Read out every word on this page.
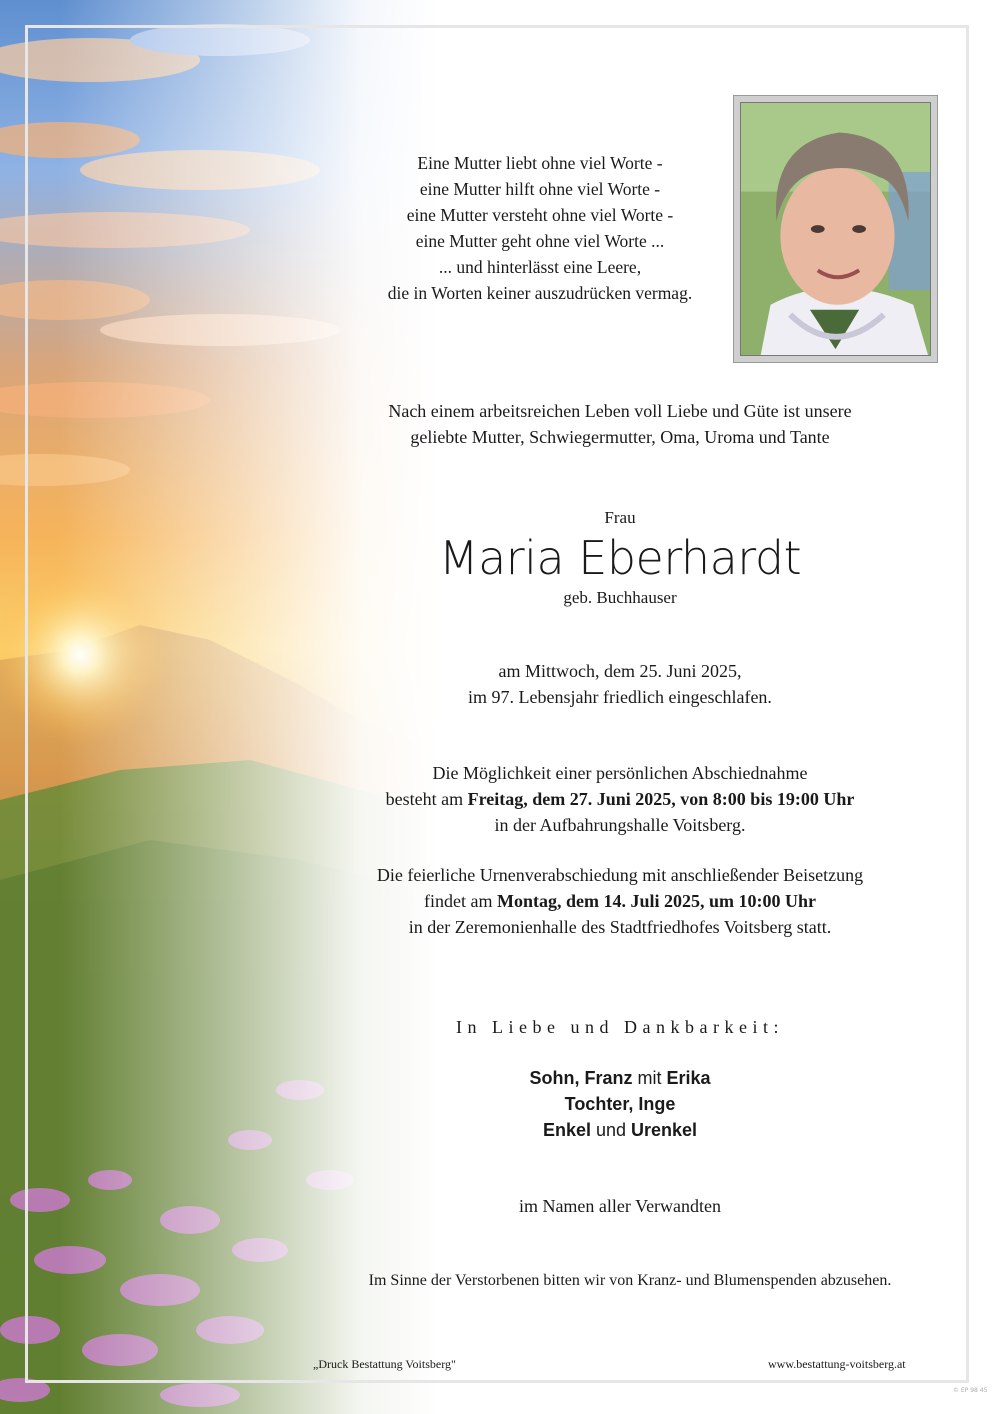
Eine Mutter liebt ohne viel Worte -
eine Mutter hilft ohne viel Worte -
eine Mutter versteht ohne viel Worte -
eine Mutter geht ohne viel Worte ...
... und hinterlässt eine Leere,
die in Worten keiner auszudrücken vermag.
Nach einem arbeitsreichen Leben voll Liebe und Güte ist unsere
geliebte Mutter, Schwiegermutter, Oma, Uroma und Tante
Frau
Maria Eberhardt
geb. Buchhauser
am Mittwoch, dem 25. Juni 2025,
im 97. Lebensjahr friedlich eingeschlafen.
Die Möglichkeit einer persönlichen Abschiednahme
besteht am Freitag, dem 27. Juni 2025, von 8:00 bis 19:00 Uhr
in der Aufbahrungshalle Voitsberg.
Die feierliche Urnenverabschiedung mit anschließender Beisetzung
findet am Montag, dem 14. Juli 2025, um 10:00 Uhr
in der Zeremonienhalle des Stadtfriedhofes Voitsberg statt.
In Liebe und Dankbarkeit:
Sohn, Franz mit Erika
Tochter, Inge
Enkel und Urenkel
im Namen aller Verwandten
Im Sinne der Verstorbenen bitten wir von Kranz- und Blumenspenden abzusehen.
„Druck Bestattung Voitsberg"	www.bestattung-voitsberg.at
© EP 98 45
